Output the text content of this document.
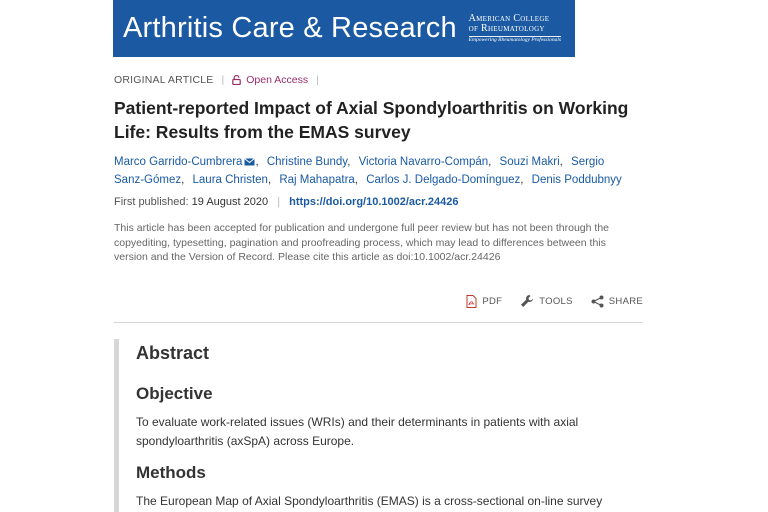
Arthritis Care & Research American College
of Rheumatology
Empowering Rheumatology Professionals
ORIGINAL ARTICLE | Open Access |
Patient-reported Impact of Axial Spondyloarthritis on Working Life: Results from the EMAS survey
Marco Garrido-Cumbrera , Christine Bundy, Victoria Navarro-Compán, Souzi Makri, Sergio Sanz-Gómez, Laura Christen, Raj Mahapatra, Carlos J. Delgado-Domínguez, Denis Poddubnyy
First published: 19 August 2020 | https://doi.org/10.1002/acr.24426

This article has been accepted for publication and undergone full peer review but has not been through the copyediting, typesetting, pagination and proofreading process, which may lead to differences between this version and the Version of Record. Please cite this article as doi:10.1002/acr.24426

PDF	TOOLS	SHARE
Abstract
Objective

To evaluate work-related issues (WRIs) and their determinants in patients with axial spondyloarthritis (axSpA) across Europe.

Methods

The European Map of Axial Spondyloarthritis (EMAS) is a cross-sectional on-line survey
